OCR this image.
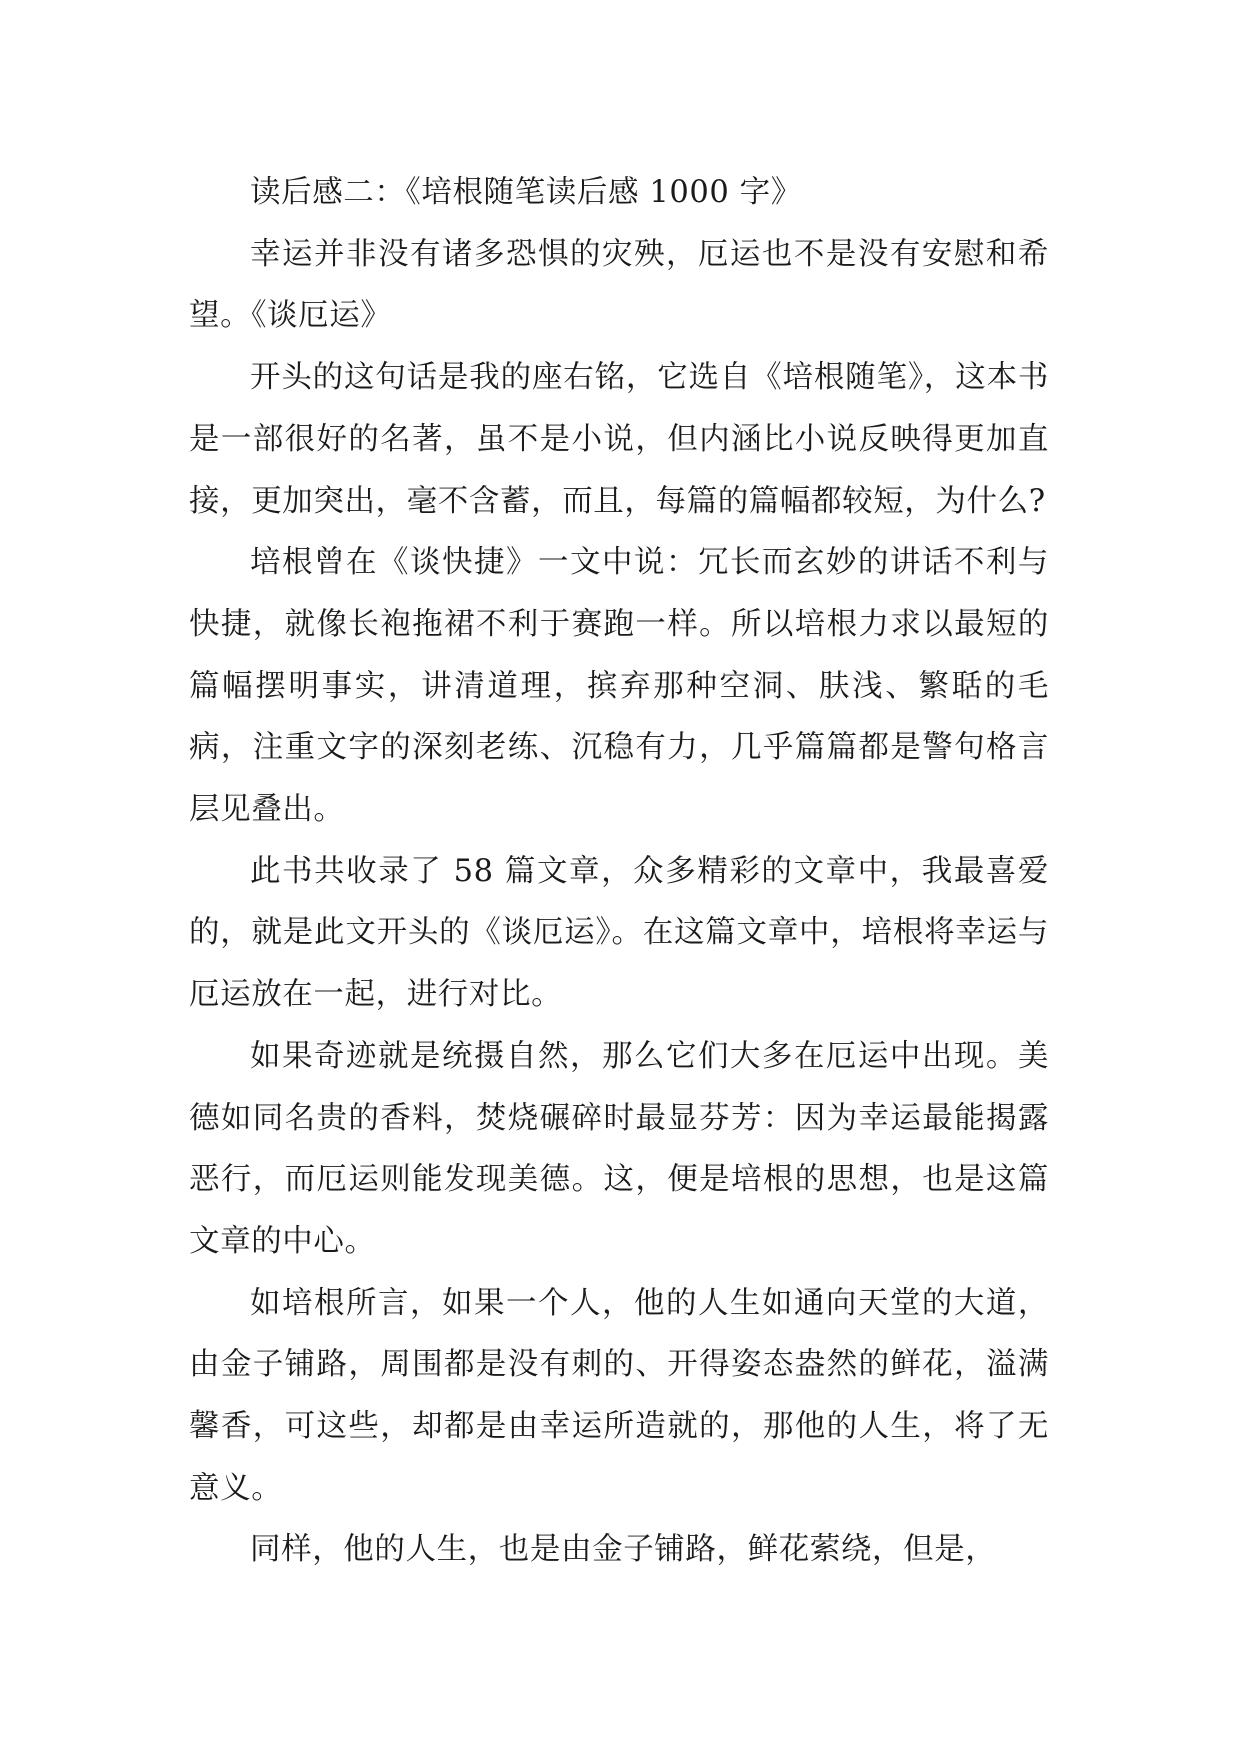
读后感二：《培根随笔读后感 1000 字》

幸运并非没有诸多恐惧的灾殃，厄运也不是没有安慰和希望。《谈厄运》

开头的这句话是我的座右铭，它选自《培根随笔》，这本书是一部很好的名著，虽不是小说，但内涵比小说反映得更加直接，更加突出，毫不含蓄，而且，每篇的篇幅都较短，为什么?

培根曾在《谈快捷》一文中说：冗长而玄妙的讲话不利与快捷，就像长袍拖裙不利于赛跑一样。所以培根力求以最短的篇幅摆明事实，讲清道理，摈弃那种空洞、肤浅、繁聒的毛病，注重文字的深刻老练、沉稳有力，几乎篇篇都是警句格言层见叠出。

此书共收录了 58 篇文章，众多精彩的文章中，我最喜爱的，就是此文开头的《谈厄运》。在这篇文章中，培根将幸运与厄运放在一起，进行对比。

如果奇迹就是统摄自然，那么它们大多在厄运中出现。美德如同名贵的香料，焚烧碾碎时最显芬芳：因为幸运最能揭露恶行，而厄运则能发现美德。这，便是培根的思想，也是这篇文章的中心。

如培根所言，如果一个人，他的人生如通向天堂的大道，由金子铺路，周围都是没有刺的、开得姿态盎然的鲜花，溢满馨香，可这些，却都是由幸运所造就的，那他的人生，将了无意义。

同样，他的人生，也是由金子铺路，鲜花萦绕，但是，
